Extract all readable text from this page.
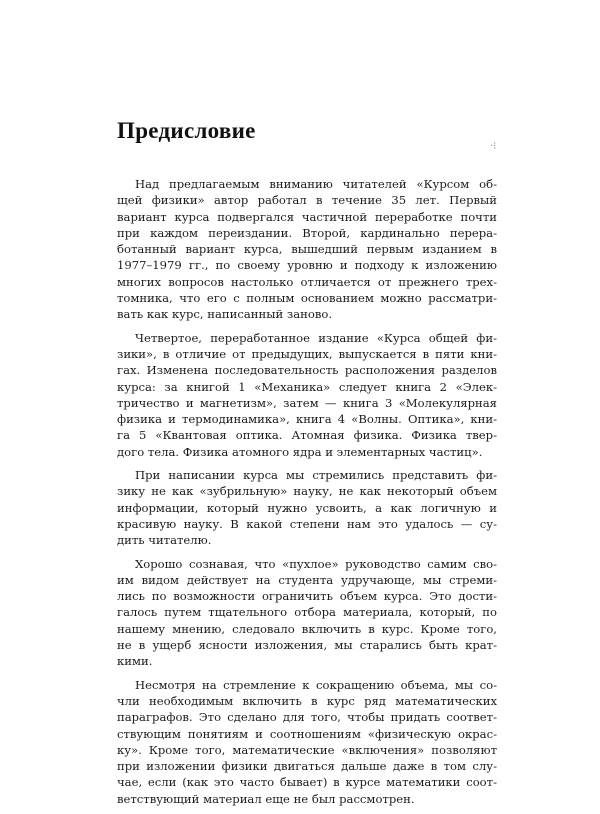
Предисловие
·⁝

Над предлагаемым вниманию читателей «Курсом об-
щей физики» автор работал в течение 35 лет. Первый
вариант курса подвергался частичной переработке почти
при каждом переиздании. Второй, кардинально перера-
ботанный вариант курса, вышедший первым изданием в
1977–1979 гг., по своему уровню и подходу к изложению
многих вопросов настолько отличается от прежнего трех-
томника, что его с полным основанием можно рассматри-
вать как курс, написанный заново.

Четвертое, переработанное издание «Курса общей фи-
зики», в отличие от предыдущих, выпускается в пяти кни-
гах. Изменена последовательность расположения разделов
курса: за книгой 1 «Механика» следует книга 2 «Элек-
тричество и магнетизм», затем — книга 3 «Молекулярная
физика и термодинамика», книга 4 «Волны. Оптика», кни-
га 5 «Квантовая оптика. Атомная физика. Физика твер-
дого тела. Физика атомного ядра и элементарных частиц».

При написании курса мы стремились представить фи-
зику не как «зубрильную» науку, не как некоторый объем
информации, который нужно усвоить, а как логичную и
красивую науку. В какой степени нам это удалось — су-
дить читателю.

Хорошо сознавая, что «пухлое» руководство самим сво-
им видом действует на студента удручающе, мы стреми-
лись по возможности ограничить объем курса. Это дости-
галось путем тщательного отбора материала, который, по
нашему мнению, следовало включить в курс. Кроме того,
не в ущерб ясности изложения, мы старались быть крат-
кими.

Несмотря на стремление к сокращению объема, мы со-
чли необходимым включить в курс ряд математических
параграфов. Это сделано для того, чтобы придать соответ-
ствующим понятиям и соотношениям «физическую окрас-
ку». Кроме того, математические «включения» позволяют
при изложении физики двигаться дальше даже в том слу-
чае, если (как это часто бывает) в курсе математики соот-
ветствующий материал еще не был рассмотрен.
